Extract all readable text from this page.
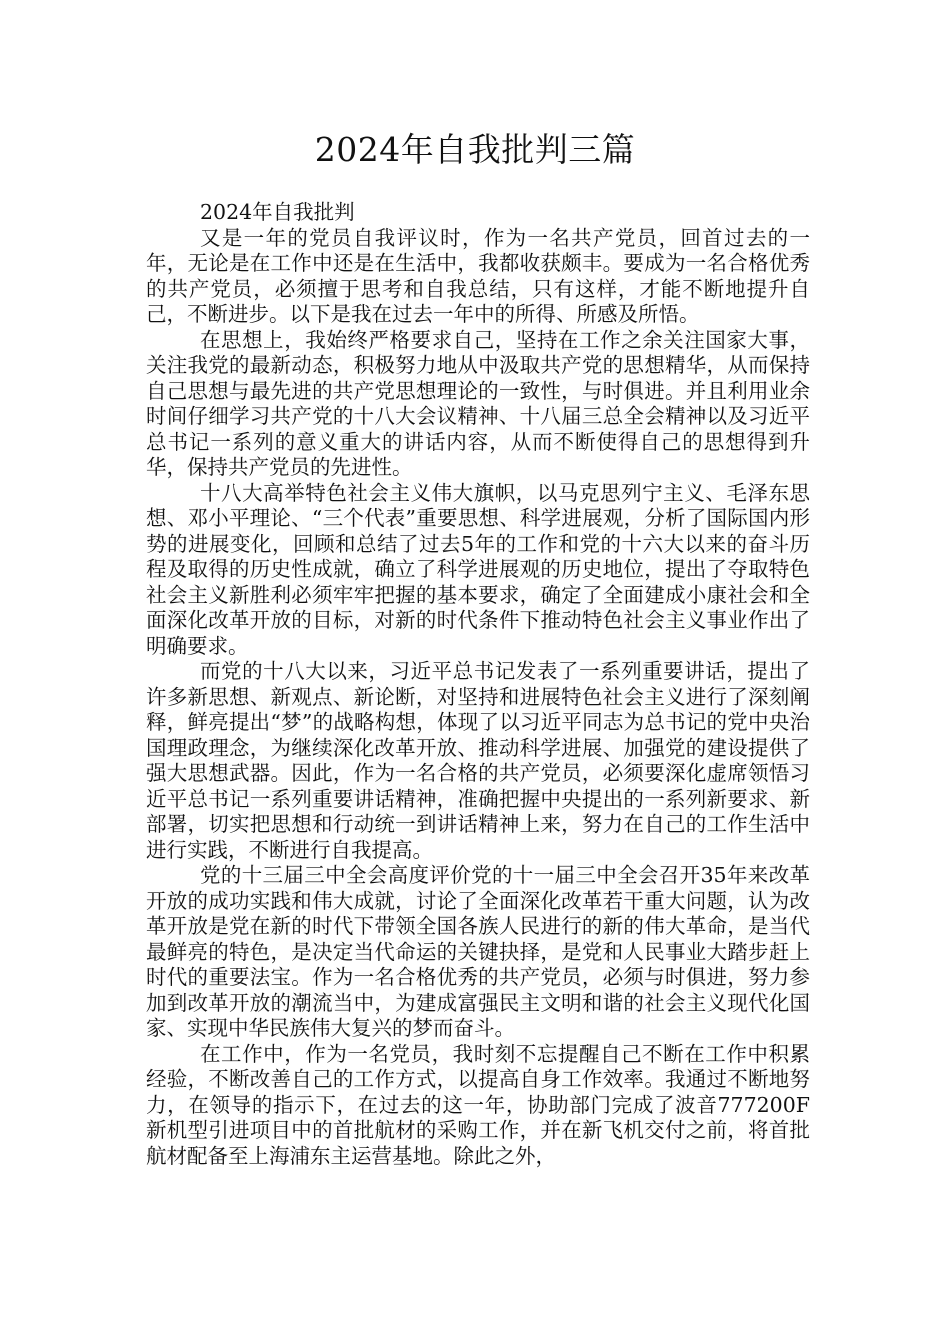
2024年自我批判三篇

2024年自我批判

又是一年的党员自我评议时，作为一名共产党员，回首过去的一年，无论是在工作中还是在生活中，我都收获颇丰。要成为一名合格优秀的共产党员，必须擅于思考和自我总结，只有这样，才能不断地提升自己，不断进步。以下是我在过去一年中的所得、所感及所悟。

在思想上，我始终严格要求自己，坚持在工作之余关注国家大事，关注我党的最新动态，积极努力地从中汲取共产党的思想精华，从而保持自己思想与最先进的共产党思想理论的一致性，与时俱进。并且利用业余时间仔细学习共产党的十八大会议精神、十八届三总全会精神以及习近平总书记一系列的意义重大的讲话内容，从而不断使得自己的思想得到升华，保持共产党员的先进性。

十八大高举特色社会主义伟大旗帜，以马克思列宁主义、毛泽东思想、邓小平理论、“三个代表”重要思想、科学进展观，分析了国际国内形势的进展变化，回顾和总结了过去5年的工作和党的十六大以来的奋斗历程及取得的历史性成就，确立了科学进展观的历史地位，提出了夺取特色社会主义新胜利必须牢牢把握的基本要求，确定了全面建成小康社会和全面深化改革开放的目标，对新的时代条件下推动特色社会主义事业作出了明确要求。

而党的十八大以来，习近平总书记发表了一系列重要讲话，提出了许多新思想、新观点、新论断，对坚持和进展特色社会主义进行了深刻阐释，鲜亮提出“梦”的战略构想，体现了以习近平同志为总书记的党中央治国理政理念，为继续深化改革开放、推动科学进展、加强党的建设提供了强大思想武器。因此，作为一名合格的共产党员，必须要深化虚席领悟习近平总书记一系列重要讲话精神，准确把握中央提出的一系列新要求、新部署，切实把思想和行动统一到讲话精神上来，努力在自己的工作生活中进行实践，不断进行自我提高。

党的十三届三中全会高度评价党的十一届三中全会召开35年来改革开放的成功实践和伟大成就，讨论了全面深化改革若干重大问题，认为改革开放是党在新的时代下带领全国各族人民进行的新的伟大革命，是当代最鲜亮的特色，是决定当代命运的关键抉择，是党和人民事业大踏步赶上时代的重要法宝。作为一名合格优秀的共产党员，必须与时俱进，努力参加到改革开放的潮流当中，为建成富强民主文明和谐的社会主义现代化国家、实现中华民族伟大复兴的梦而奋斗。

在工作中，作为一名党员，我时刻不忘提醒自己不断在工作中积累经验，不断改善自己的工作方式，以提高自身工作效率。我通过不断地努力，在领导的指示下，在过去的这一年，协助部门完成了波音777200F新机型引进项目中的首批航材的采购工作，并在新飞机交付之前，将首批航材配备至上海浦东主运营基地。除此之外，
